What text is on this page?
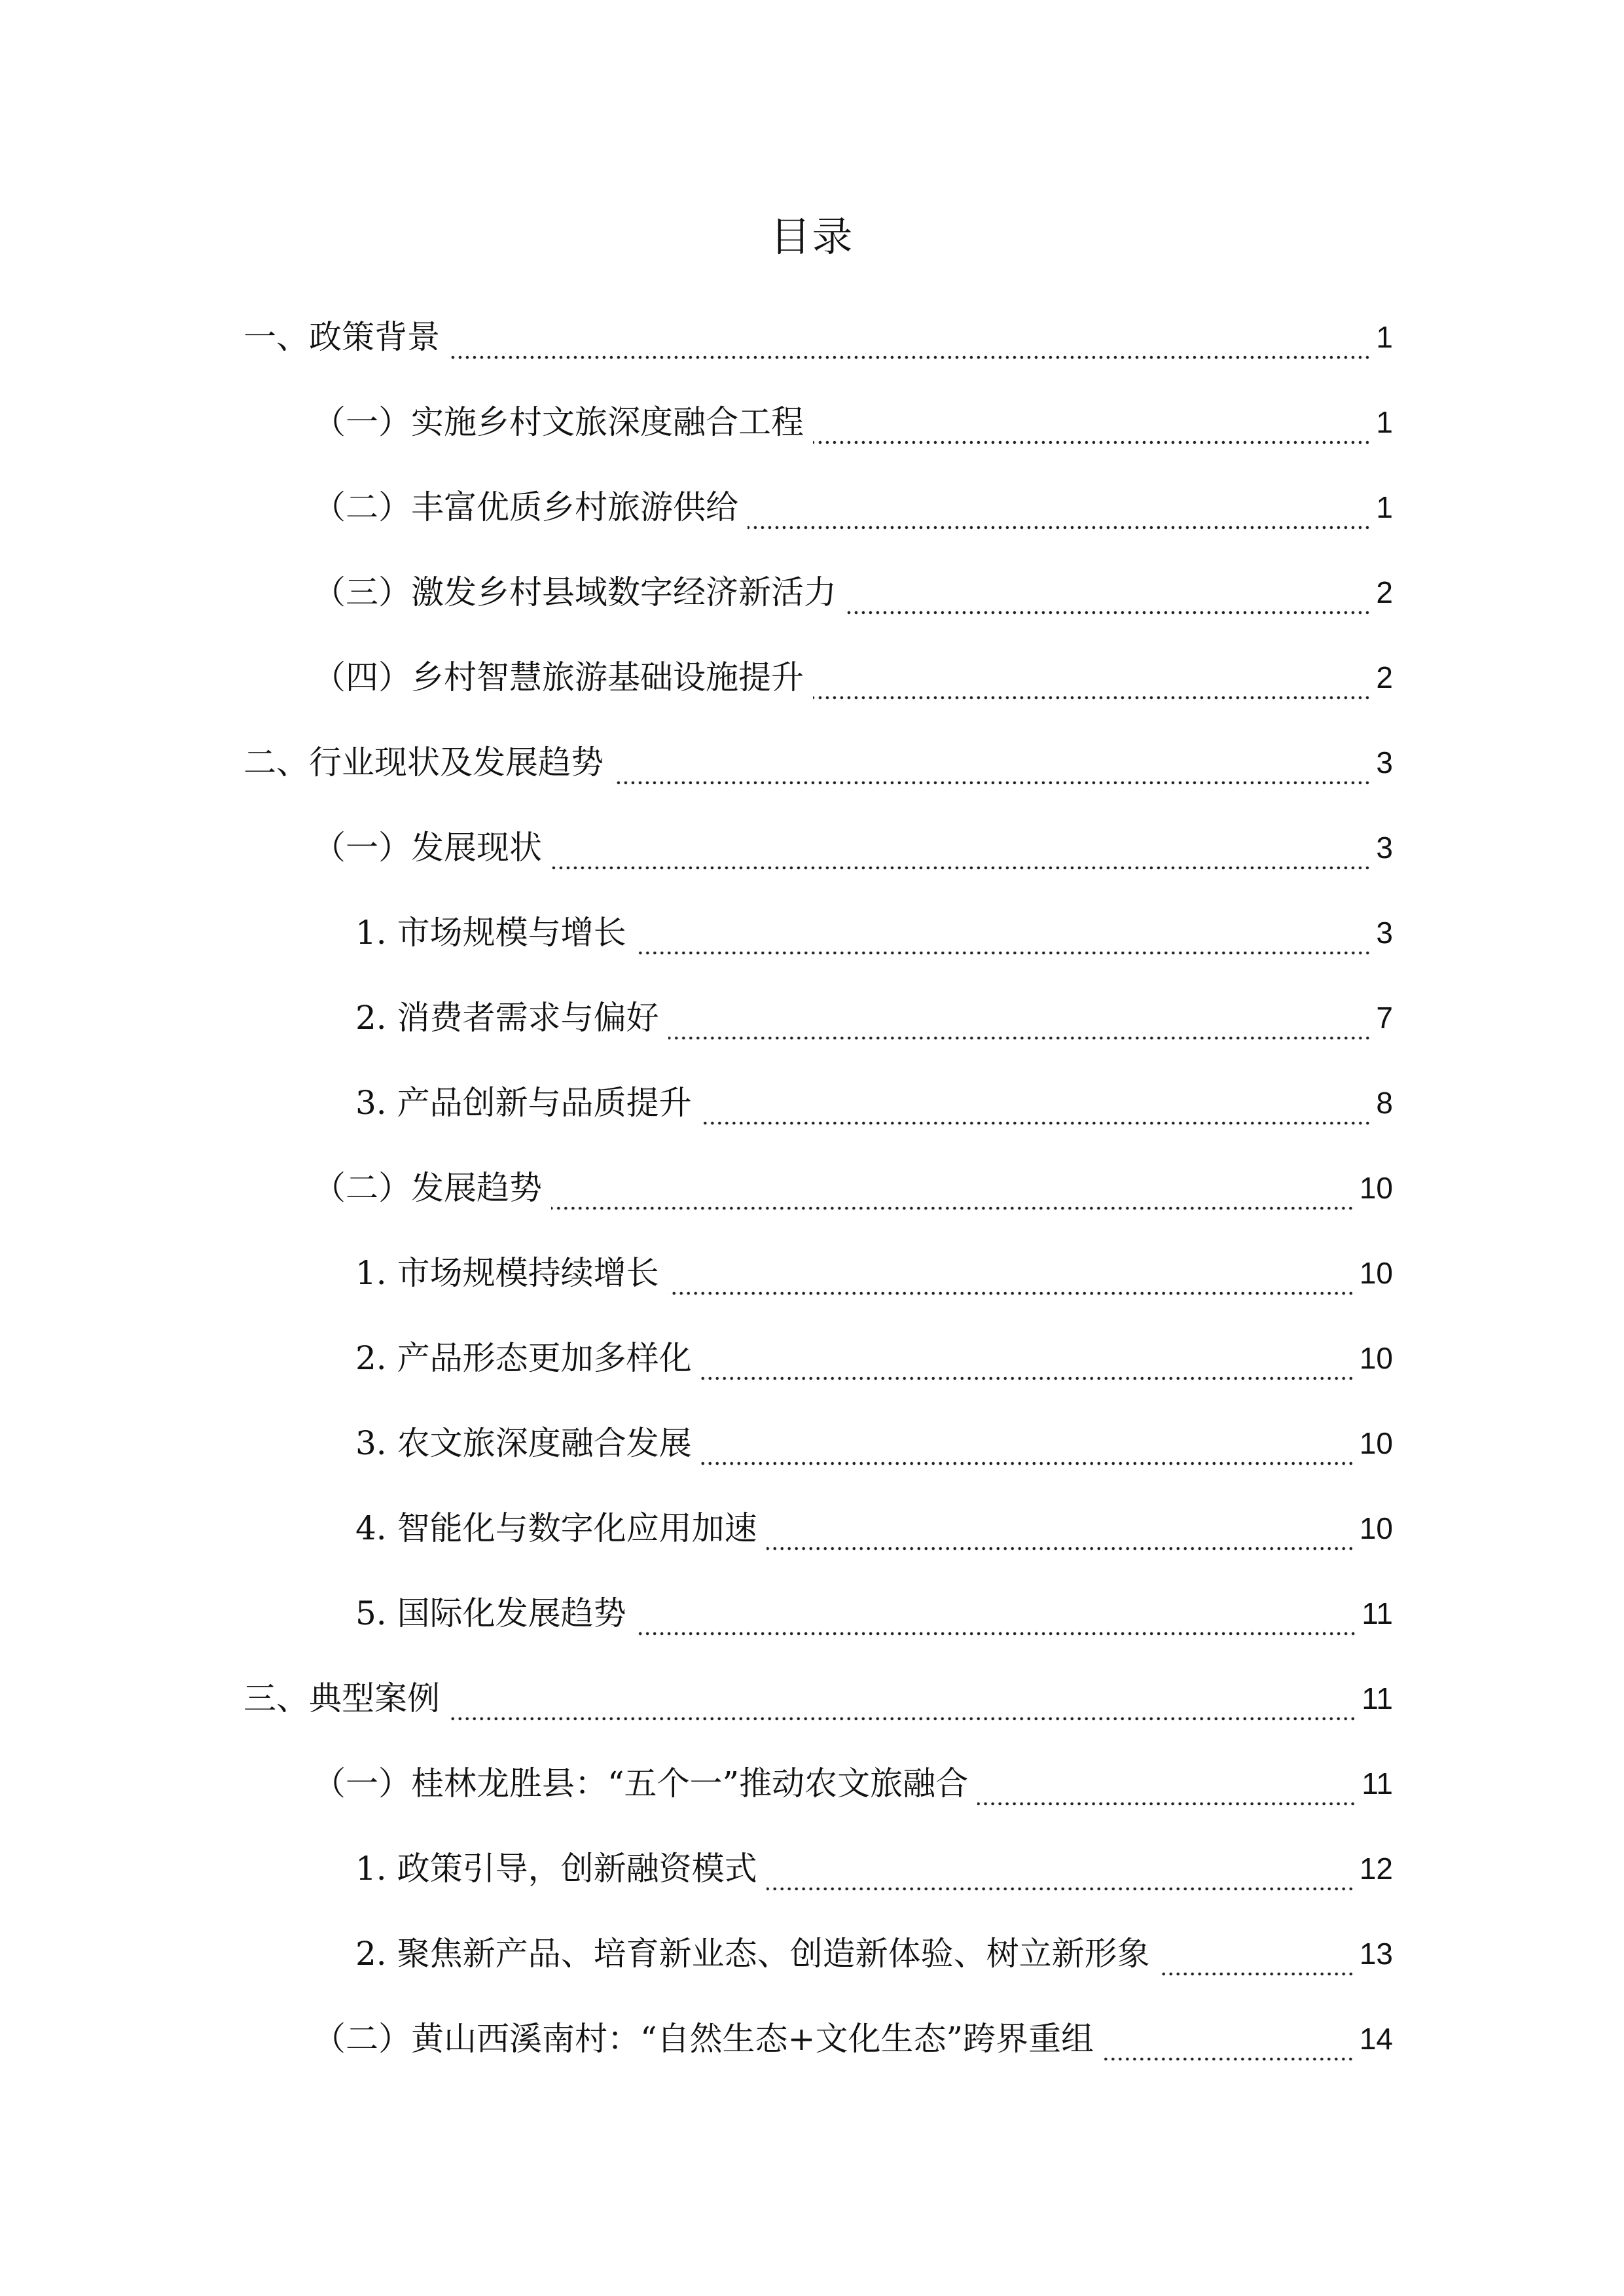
目录
一、政策背景	1
（一）实施乡村文旅深度融合工程	1
（二）丰富优质乡村旅游供给	1
（三）激发乡村县域数字经济新活力	2
（四）乡村智慧旅游基础设施提升	2
二、行业现状及发展趋势	3
（一）发展现状	3
1. 市场规模与增长	3
2. 消费者需求与偏好	7
3. 产品创新与品质提升	8
（二）发展趋势	10
1. 市场规模持续增长	10
2. 产品形态更加多样化	10
3. 农文旅深度融合发展	10
4. 智能化与数字化应用加速	10
5. 国际化发展趋势	11
三、典型案例	11
（一）桂林龙胜县：“五个一”推动农文旅融合	11
1. 政策引导，创新融资模式	12
2. 聚焦新产品、培育新业态、创造新体验、树立新形象	13
（二）黄山西溪南村：“自然生态+文化生态”跨界重组	14
